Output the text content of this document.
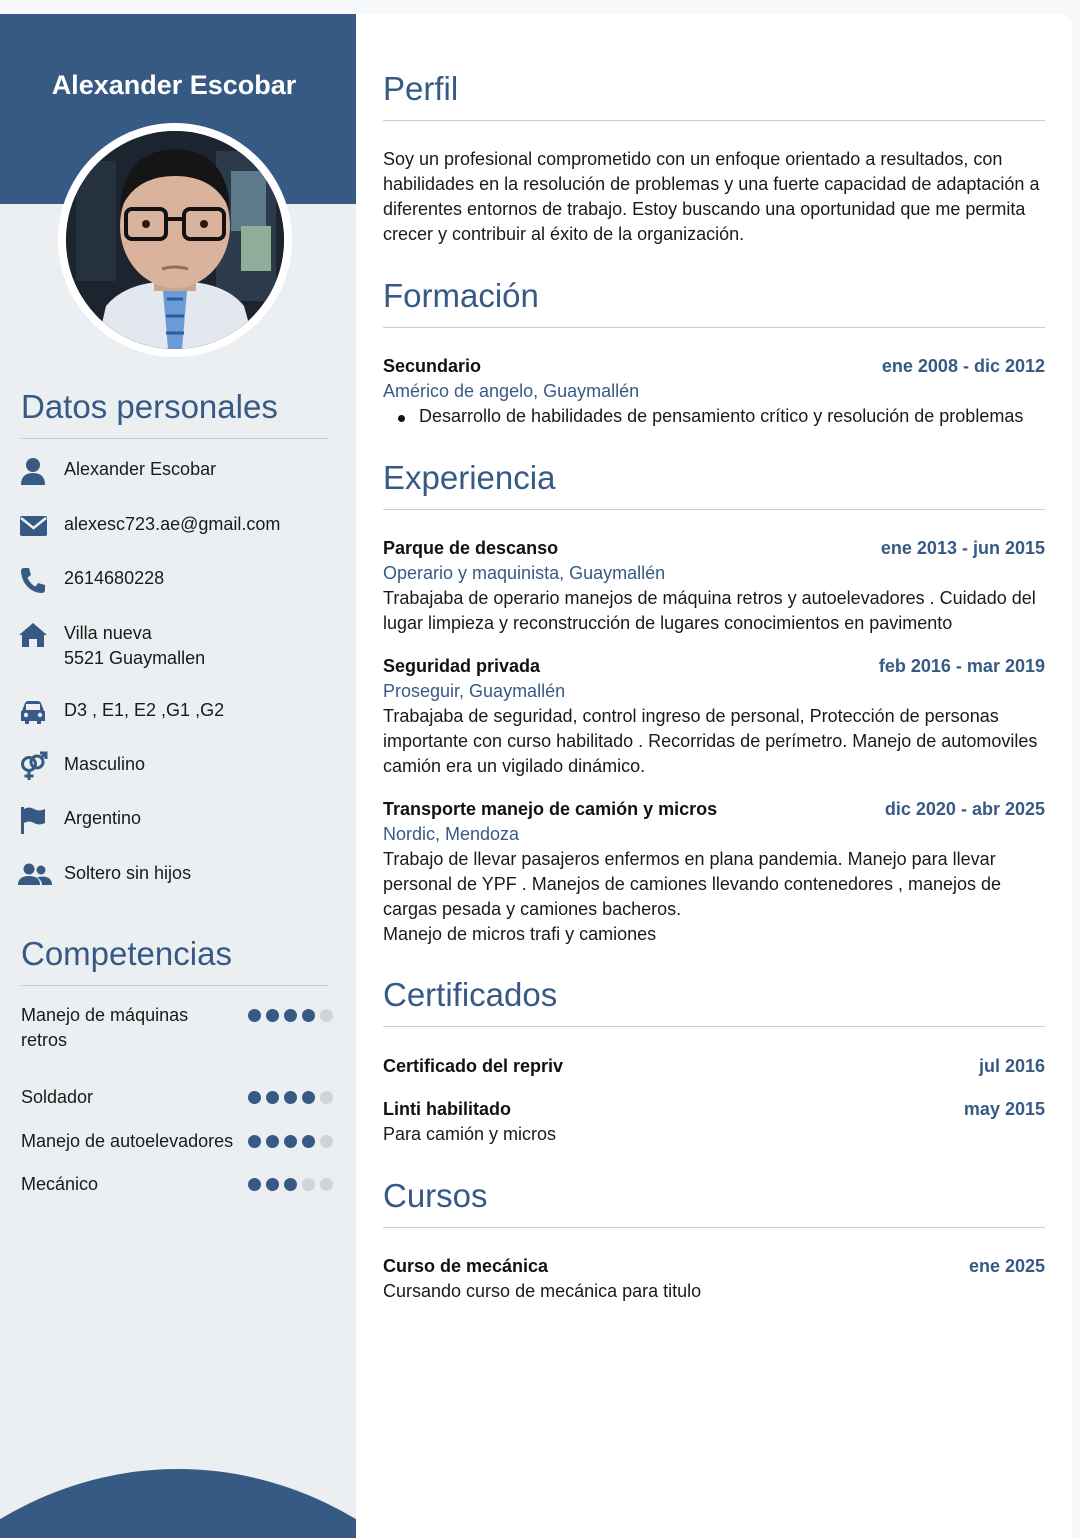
Alexander Escobar
Datos personales
Alexander Escobar
alexesc723.ae@gmail.com
2614680228
Villa nueva
5521 Guaymallen
D3 , E1, E2 ,G1 ,G2
Masculino
Argentino
Soltero sin hijos
Competencias
Manejo de máquinas
retros
Soldador
Manejo de autoelevadores
Mecánico
Perfil
Soy un profesional comprometido con un enfoque orientado a resultados, con
habilidades en la resolución de problemas y una fuerte capacidad de adaptación a
diferentes entornos de trabajo. Estoy buscando una oportunidad que me permita
crecer y contribuir al éxito de la organización.
Formación
Secundario	ene 2008 - dic 2012
Américo de angelo, Guaymallén
Desarrollo de habilidades de pensamiento crítico y resolución de problemas
Experiencia
Parque de descanso	ene 2013 - jun 2015
Operario y maquinista, Guaymallén
Trabajaba de operario manejos de máquina retros y autoelevadores . Cuidado del
lugar limpieza y reconstrucción de lugares conocimientos en pavimento
Seguridad privada	feb 2016 - mar 2019
Proseguir, Guaymallén
Trabajaba de seguridad, control ingreso de personal, Protección de personas
importante con curso habilitado . Recorridas de perímetro. Manejo de automoviles
camión era un vigilado dinámico.
Transporte manejo de camión y micros	dic 2020 - abr 2025
Nordic, Mendoza
Trabajo de llevar pasajeros enfermos en plana pandemia. Manejo para llevar
personal de YPF . Manejos de camiones llevando contenedores , manejos de
cargas pesada y camiones bacheros.
Manejo de micros trafi y camiones
Certificados
Certificado del repriv	jul 2016
Linti habilitado	may 2015
Para camión y micros
Cursos
Curso de mecánica	ene 2025
Cursando curso de mecánica para titulo
